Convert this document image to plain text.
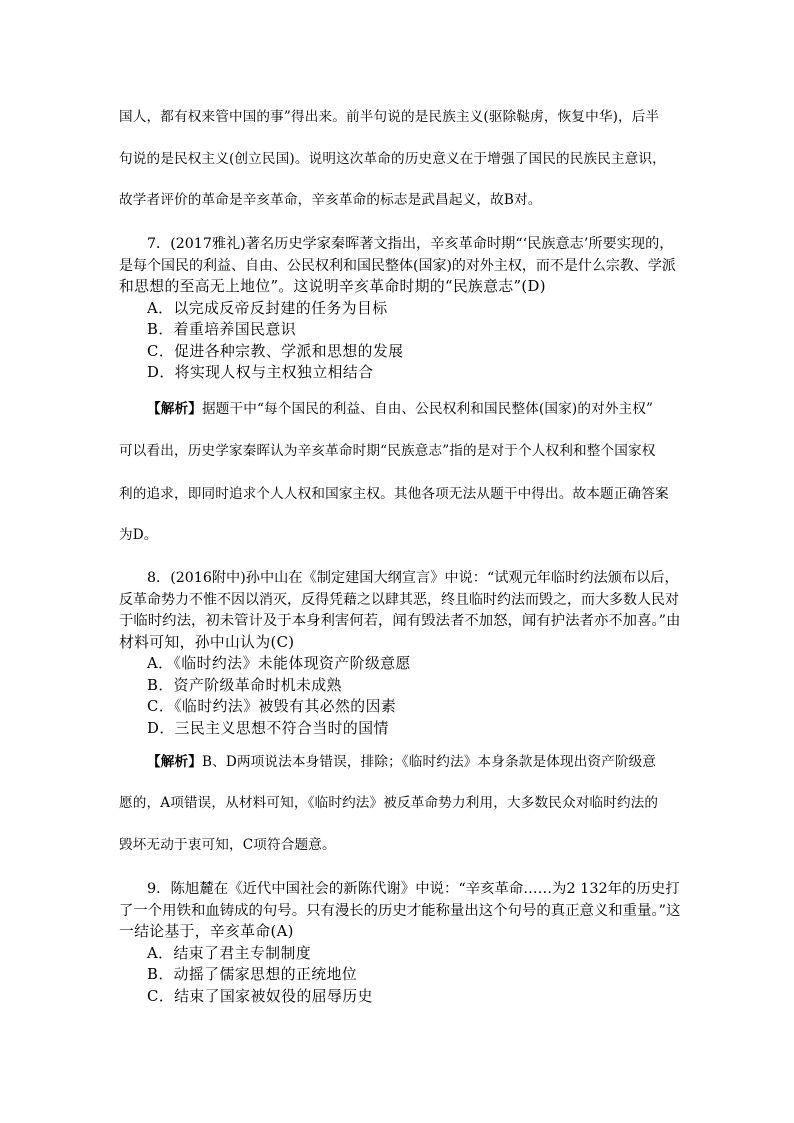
国人，都有权来管中国的事”得出来。前半句说的是民族主义(驱除鞑虏，恢复中华)，后半
句说的是民权主义(创立民国)。说明这次革命的历史意义在于增强了国民的民族民主意识，
故学者评价的革命是辛亥革命，辛亥革命的标志是武昌起义，故B对。
7．(2017雅礼)著名历史学家秦晖著文指出，辛亥革命时期“‘民族意志’所要实现的，
是每个国民的利益、自由、公民权利和国民整体(国家)的对外主权，而不是什么宗教、学派
和思想的至高无上地位”。这说明辛亥革命时期的“民族意志”(D)
A．以完成反帝反封建的任务为目标
B．着重培养国民意识
C．促进各种宗教、学派和思想的发展
D．将实现人权与主权独立相结合
【解析】据题干中“每个国民的利益、自由、公民权利和国民整体(国家)的对外主权”
可以看出，历史学家秦晖认为辛亥革命时期“民族意志”指的是对于个人权利和整个国家权
利的追求，即同时追求个人人权和国家主权。其他各项无法从题干中得出。故本题正确答案
为D。
8．(2016附中)孙中山在《制定建国大纲宣言》中说：“试观元年临时约法颁布以后，
反革命势力不惟不因以消灭，反得凭藉之以肆其恶，终且临时约法而毁之，而大多数人民对
于临时约法，初未管计及于本身利害何若，闻有毁法者不加怒，闻有护法者亦不加喜。”由
材料可知，孙中山认为(C)
A．《临时约法》未能体现资产阶级意愿
B．资产阶级革命时机未成熟
C．《临时约法》被毁有其必然的因素
D．三民主义思想不符合当时的国情
【解析】B、D两项说法本身错误，排除；《临时约法》本身条款是体现出资产阶级意
愿的，A项错误，从材料可知，《临时约法》被反革命势力利用，大多数民众对临时约法的
毁坏无动于衷可知，C项符合题意。
9．陈旭麓在《近代中国社会的新陈代谢》中说：“辛亥革命……为2 132年的历史打
了一个用铁和血铸成的句号。只有漫长的历史才能称量出这个句号的真正意义和重量。”这
一结论基于，辛亥革命(A)
A．结束了君主专制制度
B．动摇了儒家思想的正统地位
C．结束了国家被奴役的屈辱历史
